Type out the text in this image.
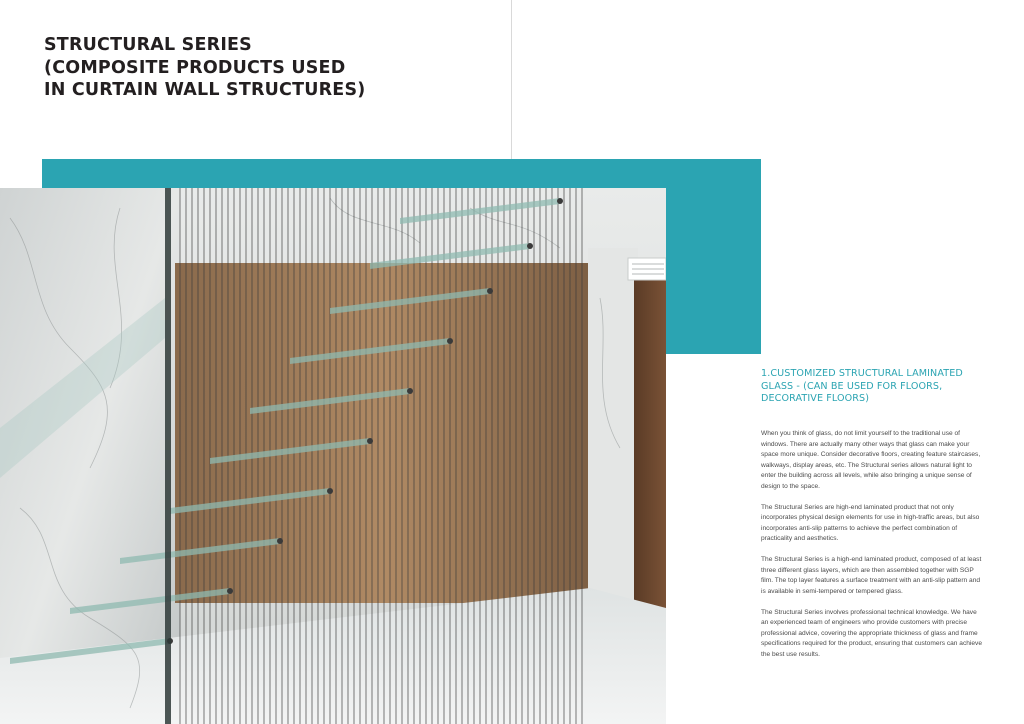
STRUCTURAL SERIES
(COMPOSITE PRODUCTS USED
IN CURTAIN WALL STRUCTURES)
1.CUSTOMIZED STRUCTURAL LAMINATED
GLASS - (CAN BE USED FOR FLOORS,
DECORATIVE FLOORS)

When you think of glass, do not limit yourself to the traditional use of windows. There are actually many other ways that glass can make your space more unique. Consider decorative floors, creating feature staircases, walkways, display areas, etc. The Structural series allows natural light to enter the building across all levels, while also bringing a unique sense of design to the space.

The Structural Series are high-end laminated product that not only incorporates physical design elements for use in high-traffic areas, but also incorporates anti-slip patterns to achieve the perfect combination of practicality and aesthetics.

The Structural Series is a high-end laminated product, composed of at least three different glass layers, which are then assembled together with SGP film. The top layer features a surface treatment with an anti-slip pattern and is available in semi-tempered or tempered glass.

The Structural Series involves professional technical knowledge. We have an experienced team of engineers who provide customers with precise professional advice, covering the appropriate thickness of glass and frame specifications required for the product, ensuring that customers can achieve the best use results.
